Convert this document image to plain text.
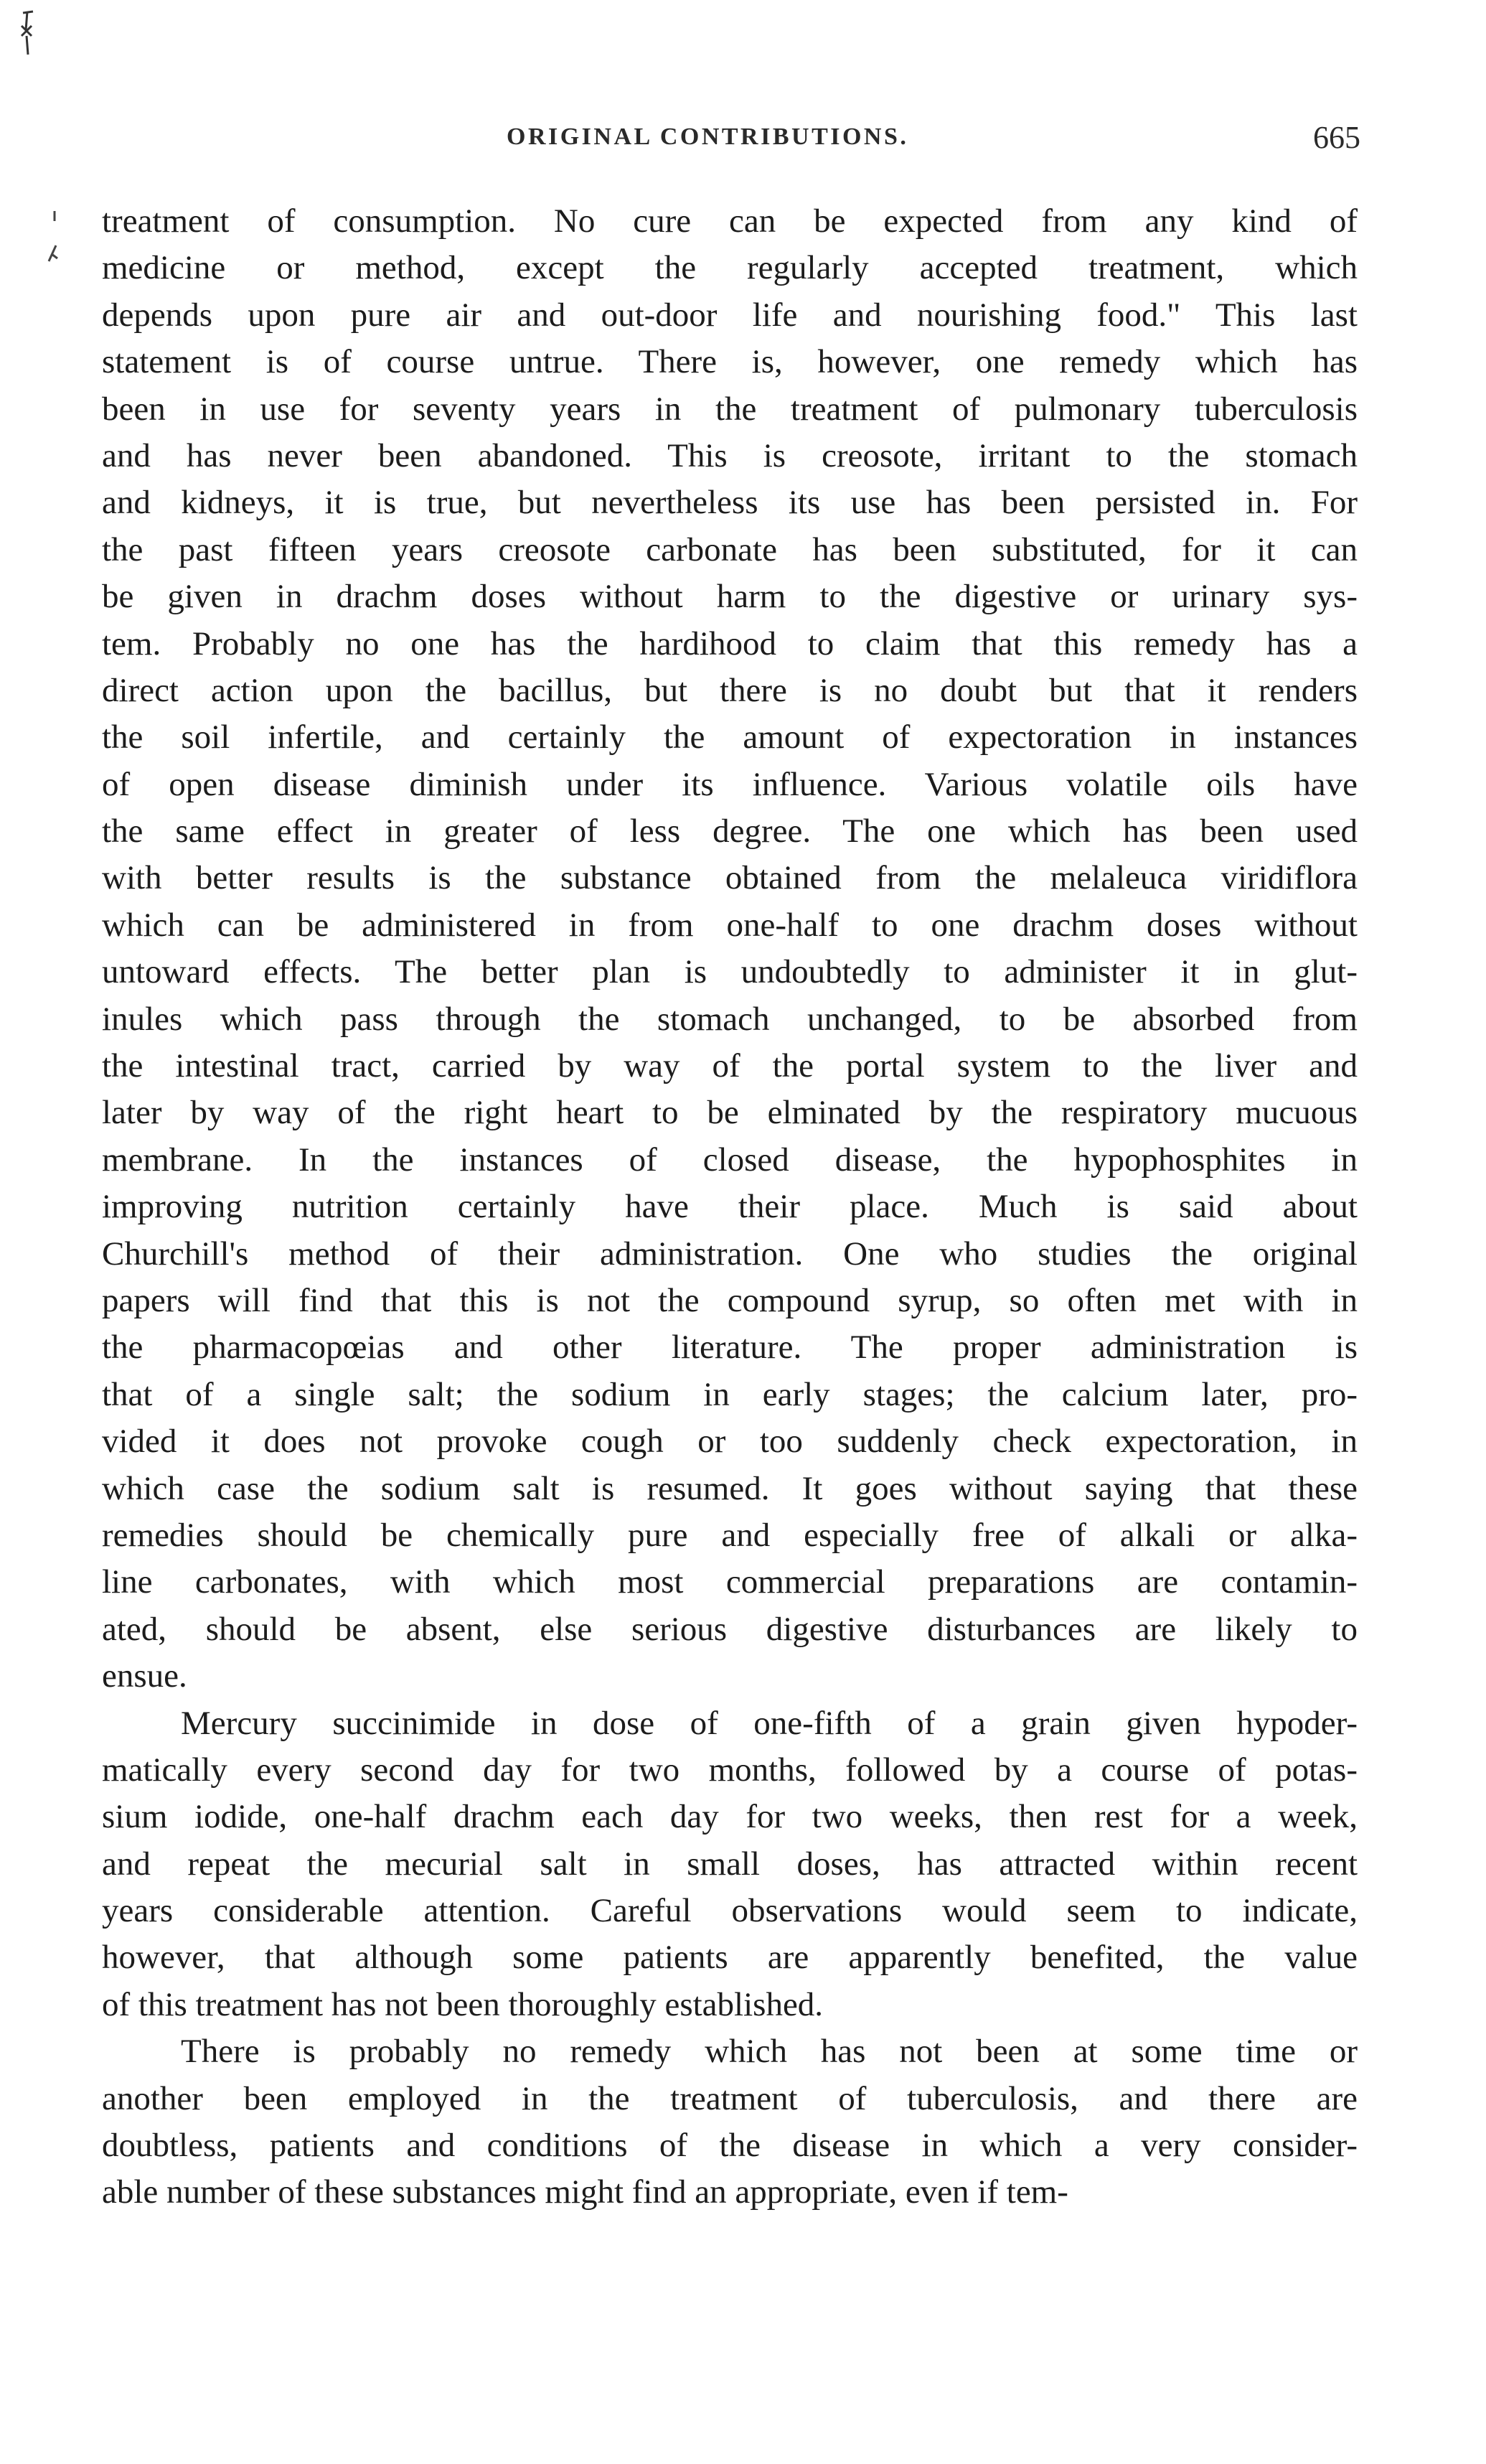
ORIGINAL CONTRIBUTIONS.	665
treatment of consumption. No cure can be expected from any kind of
medicine or method, except the regularly accepted treatment, which
depends upon pure air and out-door life and nourishing food." This last
statement is of course untrue. There is, however, one remedy which has
been in use for seventy years in the treatment of pulmonary tuberculosis
and has never been abandoned. This is creosote, irritant to the stomach
and kidneys, it is true, but nevertheless its use has been persisted in. For
the past fifteen years creosote carbonate has been substituted, for it can
be given in drachm doses without harm to the digestive or urinary sys-
tem. Probably no one has the hardihood to claim that this remedy has a
direct action upon the bacillus, but there is no doubt but that it renders
the soil infertile, and certainly the amount of expectoration in instances
of open disease diminish under its influence. Various volatile oils have
the same effect in greater of less degree. The one which has been used
with better results is the substance obtained from the melaleuca viridiflora
which can be administered in from one-half to one drachm doses without
untoward effects. The better plan is undoubtedly to administer it in glut-
inules which pass through the stomach unchanged, to be absorbed from
the intestinal tract, carried by way of the portal system to the liver and
later by way of the right heart to be elminated by the respiratory mucuous
membrane. In the instances of closed disease, the hypophosphites in
improving nutrition certainly have their place. Much is said about
Churchill's method of their administration. One who studies the original
papers will find that this is not the compound syrup, so often met with in
the pharmacopœias and other literature. The proper administration is
that of a single salt; the sodium in early stages; the calcium later, pro-
vided it does not provoke cough or too suddenly check expectoration, in
which case the sodium salt is resumed. It goes without saying that these
remedies should be chemically pure and especially free of alkali or alka-
line carbonates, with which most commercial preparations are contamin-
ated, should be absent, else serious digestive disturbances are likely to
ensue.
Mercury succinimide in dose of one-fifth of a grain given hypoder-
matically every second day for two months, followed by a course of potas-
sium iodide, one-half drachm each day for two weeks, then rest for a week,
and repeat the mecurial salt in small doses, has attracted within recent
years considerable attention. Careful observations would seem to indicate,
however, that although some patients are apparently benefited, the value
of this treatment has not been thoroughly established.
There is probably no remedy which has not been at some time or
another been employed in the treatment of tuberculosis, and there are
doubtless, patients and conditions of the disease in which a very consider-
able number of these substances might find an appropriate, even if tem-
